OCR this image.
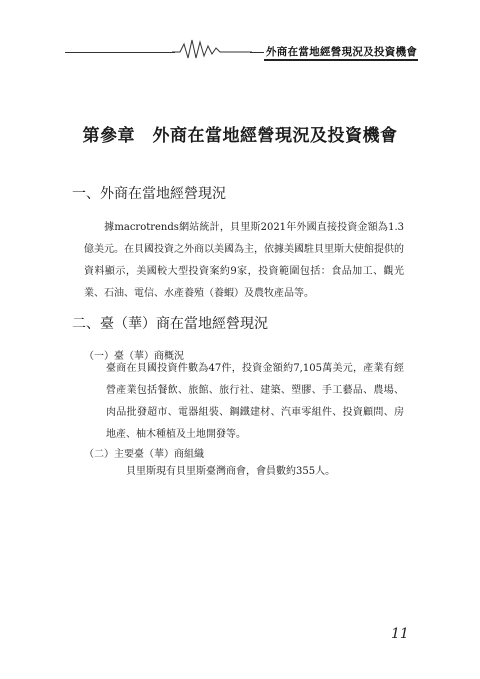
外商在當地經營現況及投資機會
第參章　外商在當地經營現況及投資機會
一、外商在當地經營現況

據macrotrends網站統計，貝里斯2021年外國直接投資金額為1.3億美元。在貝國投資之外商以美國為主，依據美國駐貝里斯大使館提供的資料顯示，美國較大型投資案約9家，投資範圍包括：食品加工、觀光業、石油、電信、水產養殖（養蝦）及農牧產品等。

二、臺（華）商在當地經營現況
（一）臺（華）商概況

臺商在貝國投資件數為47件，投資金額約7,105萬美元，產業有經營產業包括餐飲、旅館、旅行社、建築、塑膠、手工藝品、農場、肉品批發超市、電器組裝、鋼鐵建材、汽車零組件、投資顧問、房地產、柚木種植及土地開發等。

（二）主要臺（華）商組織
貝里斯現有貝里斯臺灣商會，會員數約355人。
11
